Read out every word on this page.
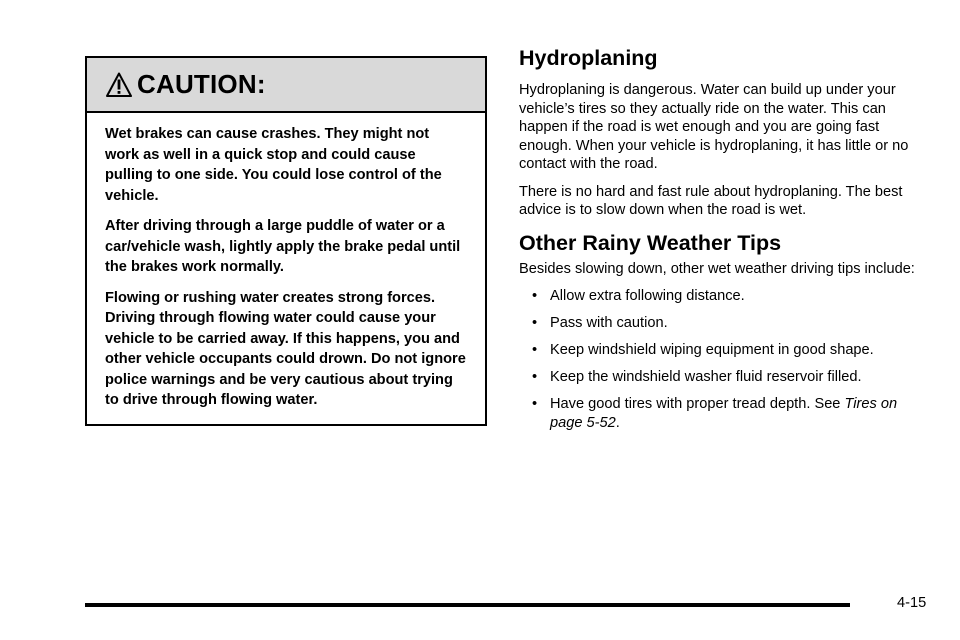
CAUTION:

Wet brakes can cause crashes. They might not work as well in a quick stop and could cause pulling to one side. You could lose control of the vehicle.

After driving through a large puddle of water or a car/vehicle wash, lightly apply the brake pedal until the brakes work normally.

Flowing or rushing water creates strong forces. Driving through flowing water could cause your vehicle to be carried away. If this happens, you and other vehicle occupants could drown. Do not ignore police warnings and be very cautious about trying to drive through flowing water.

Hydroplaning

Hydroplaning is dangerous. Water can build up under your vehicle’s tires so they actually ride on the water. This can happen if the road is wet enough and you are going fast enough. When your vehicle is hydroplaning, it has little or no contact with the road.

There is no hard and fast rule about hydroplaning. The best advice is to slow down when the road is wet.

Other Rainy Weather Tips

Besides slowing down, other wet weather driving tips include:

• Allow extra following distance.
• Pass with caution.
• Keep windshield wiping equipment in good shape.
• Keep the windshield washer fluid reservoir filled.
• Have good tires with proper tread depth. See Tires on page 5-52.
4-15
